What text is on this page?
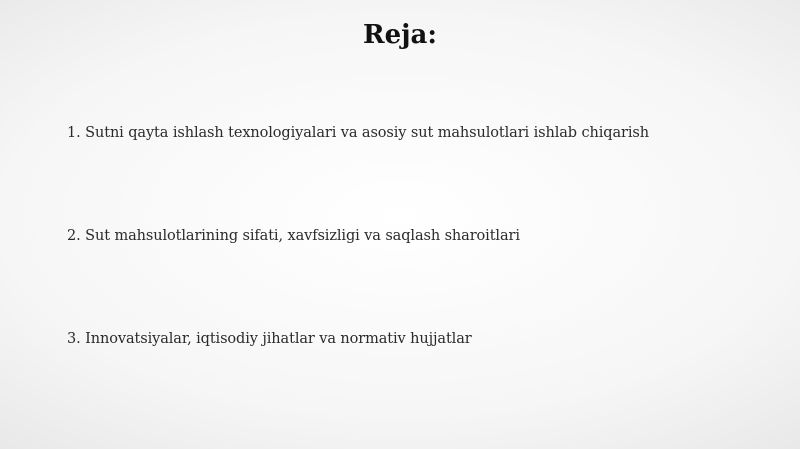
Reja:
1. Sutni qayta ishlash texnologiyalari va asosiy sut mahsulotlari ishlab chiqarish
2. Sut mahsulotlarining sifati, xavfsizligi va saqlash sharoitlari
3. Innovatsiyalar, iqtisodiy jihatlar va normativ hujjatlar
